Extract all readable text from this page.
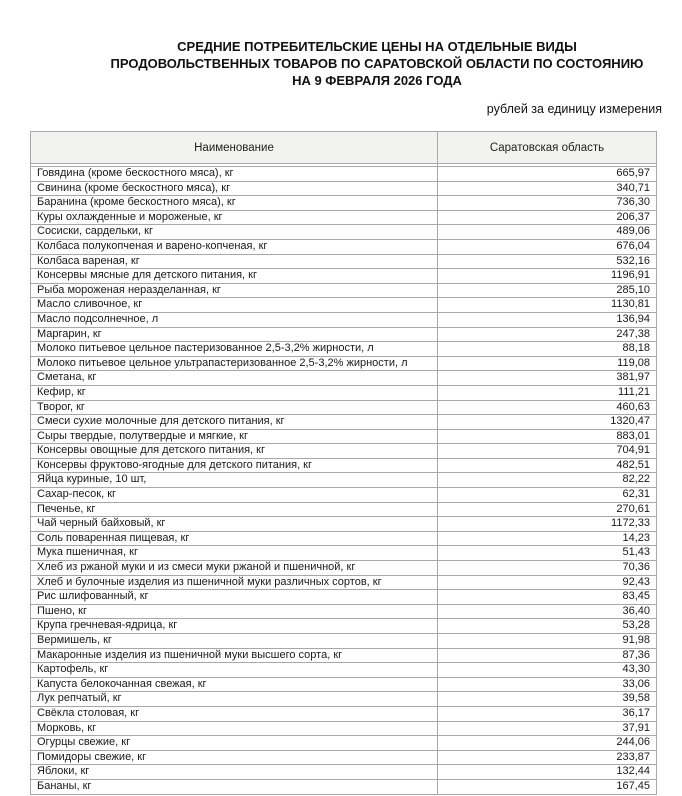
СРЕДНИЕ ПОТРЕБИТЕЛЬСКИЕ ЦЕНЫ НА ОТДЕЛЬНЫЕ ВИДЫ
ПРОДОВОЛЬСТВЕННЫХ ТОВАРОВ ПО САРАТОВСКОЙ ОБЛАСТИ ПО СОСТОЯНИЮ
НА 9 ФЕВРАЛЯ 2026 ГОДА
рублей за единицу измерения
Наименование	Саратовская область

Говядина (кроме бескостного мяса), кг	665,97
Свинина (кроме бескостного мяса), кг	340,71
Баранина (кроме бескостного мяса), кг	736,30
Куры охлажденные и мороженые, кг	206,37
Сосиски, сардельки, кг	489,06
Колбаса полукопченая и варено-копченая, кг	676,04
Колбаса вареная, кг	532,16
Консервы мясные для детского питания, кг	1196,91
Рыба мороженая неразделанная, кг	285,10
Масло сливочное, кг	1130,81
Масло подсолнечное, л	136,94
Маргарин, кг	247,38
Молоко питьевое цельное пастеризованное 2,5-3,2% жирности, л	88,18
Молоко питьевое цельное ультрапастеризованное 2,5-3,2% жирности, л	119,08
Сметана, кг	381,97
Кефир, кг	111,21
Творог, кг	460,63
Смеси сухие молочные для детского питания, кг	1320,47
Сыры твердые, полутвердые и мягкие, кг	883,01
Консервы овощные для детского питания, кг	704,91
Консервы фруктово-ягодные для детского питания, кг	482,51
Яйца куриные, 10 шт,	82,22
Сахар-песок, кг	62,31
Печенье, кг	270,61
Чай черный байховый, кг	1172,33
Соль поваренная пищевая, кг	14,23
Мука пшеничная, кг	51,43
Хлеб из ржаной муки и из смеси муки ржаной и пшеничной, кг	70,36
Хлеб и булочные изделия из пшеничной муки различных сортов, кг	92,43
Рис шлифованный, кг	83,45
Пшено, кг	36,40
Крупа гречневая-ядрица, кг	53,28
Вермишель, кг	91,98
Макаронные изделия из пшеничной муки высшего сорта, кг	87,36
Картофель, кг	43,30
Капуста белокочанная свежая, кг	33,06
Лук репчатый, кг	39,58
Свёкла столовая, кг	36,17
Морковь, кг	37,91
Огурцы свежие, кг	244,06
Помидоры свежие, кг	233,87
Яблоки, кг	132,44
Бананы, кг	167,45
